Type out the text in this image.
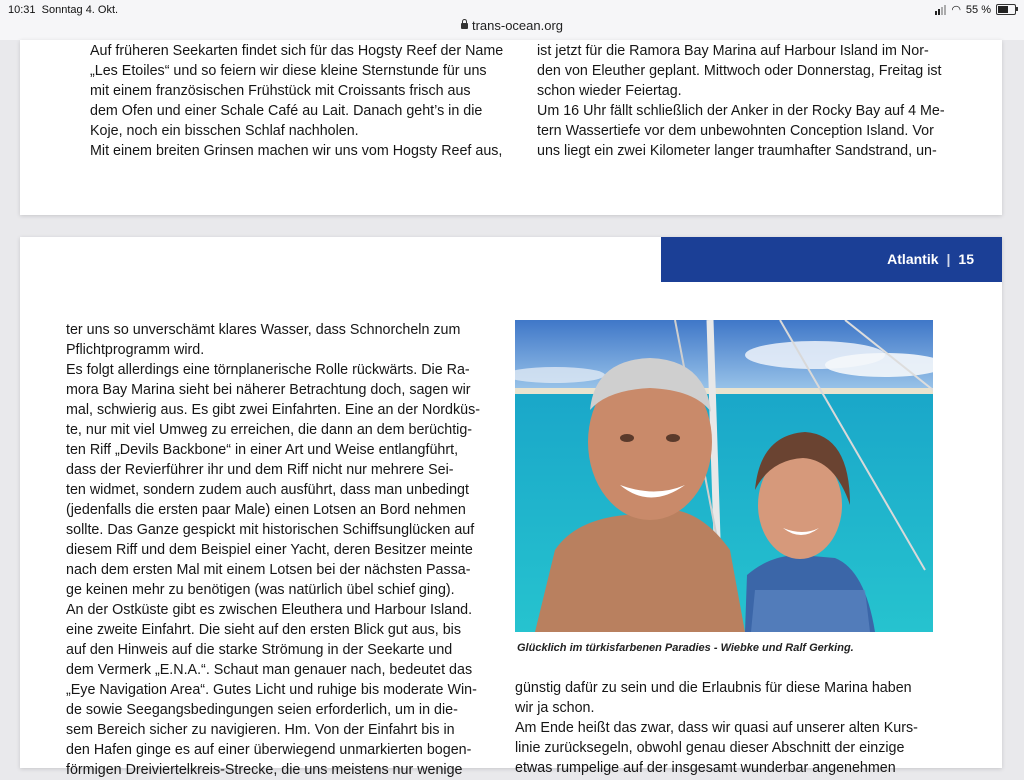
10:31 Sonntag 4. Okt.
trans-ocean.org
◠ 55 %

Auf früheren Seekarten findet sich für das Hogsty Reef der Name

„Les Etoiles“ und so feiern wir diese kleine Sternstunde für uns

mit einem französischen Frühstück mit Croissants frisch aus

dem Ofen und einer Schale Café au Lait. Danach geht’s in die

Koje, noch ein bisschen Schlaf nachholen.

Mit einem breiten Grinsen machen wir uns vom Hogsty Reef aus,

ist jetzt für die Ramora Bay Marina auf Harbour Island im Nor-

den von Eleuther geplant. Mittwoch oder Donnerstag, Freitag ist

schon wieder Feiertag.

Um 16 Uhr fällt schließlich der Anker in der Rocky Bay auf 4 Me-

tern Wassertiefe vor dem unbewohnten Conception Island. Vor

uns liegt ein zwei Kilometer langer traumhafter Sandstrand, un-

Atlantik | 15

ter uns so unverschämt klares Wasser, dass Schnorcheln zum

Pflichtprogramm wird.

Es folgt allerdings eine törnplanerische Rolle rückwärts. Die Ra-

mora Bay Marina sieht bei näherer Betrachtung doch, sagen wir

mal, schwierig aus. Es gibt zwei Einfahrten. Eine an der Nordküs-

te, nur mit viel Umweg zu erreichen, die dann an dem berüchtig-

ten Riff „Devils Backbone“ in einer Art und Weise entlangführt,

dass der Revierführer ihr und dem Riff nicht nur mehrere Sei-

ten widmet, sondern zudem auch ausführt, dass man unbedingt

(jedenfalls die ersten paar Male) einen Lotsen an Bord nehmen

sollte. Das Ganze gespickt mit historischen Schiffsunglücken auf

diesem Riff und dem Beispiel einer Yacht, deren Besitzer meinte

nach dem ersten Mal mit einem Lotsen bei der nächsten Passa-

ge keinen mehr zu benötigen (was natürlich übel schief ging).

An der Ostküste gibt es zwischen Eleuthera und Harbour Island.

eine zweite Einfahrt. Die sieht auf den ersten Blick gut aus, bis

auf den Hinweis auf die starke Strömung in der Seekarte und

dem Vermerk „E.N.A.“. Schaut man genauer nach, bedeutet das

„Eye Navigation Area“. Gutes Licht und ruhige bis moderate Win-

de sowie Seegangsbedingungen seien erforderlich, um in die-

sem Bereich sicher zu navigieren. Hm. Von der Einfahrt bis in

den Hafen ginge es auf einer überwiegend unmarkierten bogen-

förmigen Dreiviertelkreis-Strecke, die uns meistens nur wenige

Glücklich im türkisfarbenen Paradies - Wiebke und Ralf Gerking.

günstig dafür zu sein und die Erlaubnis für diese Marina haben

wir ja schon.

Am Ende heißt das zwar, dass wir quasi auf unserer alten Kurs-

linie zurücksegeln, obwohl genau dieser Abschnitt der einzige

etwas rumpelige auf der insgesamt wunderbar angenehmen
